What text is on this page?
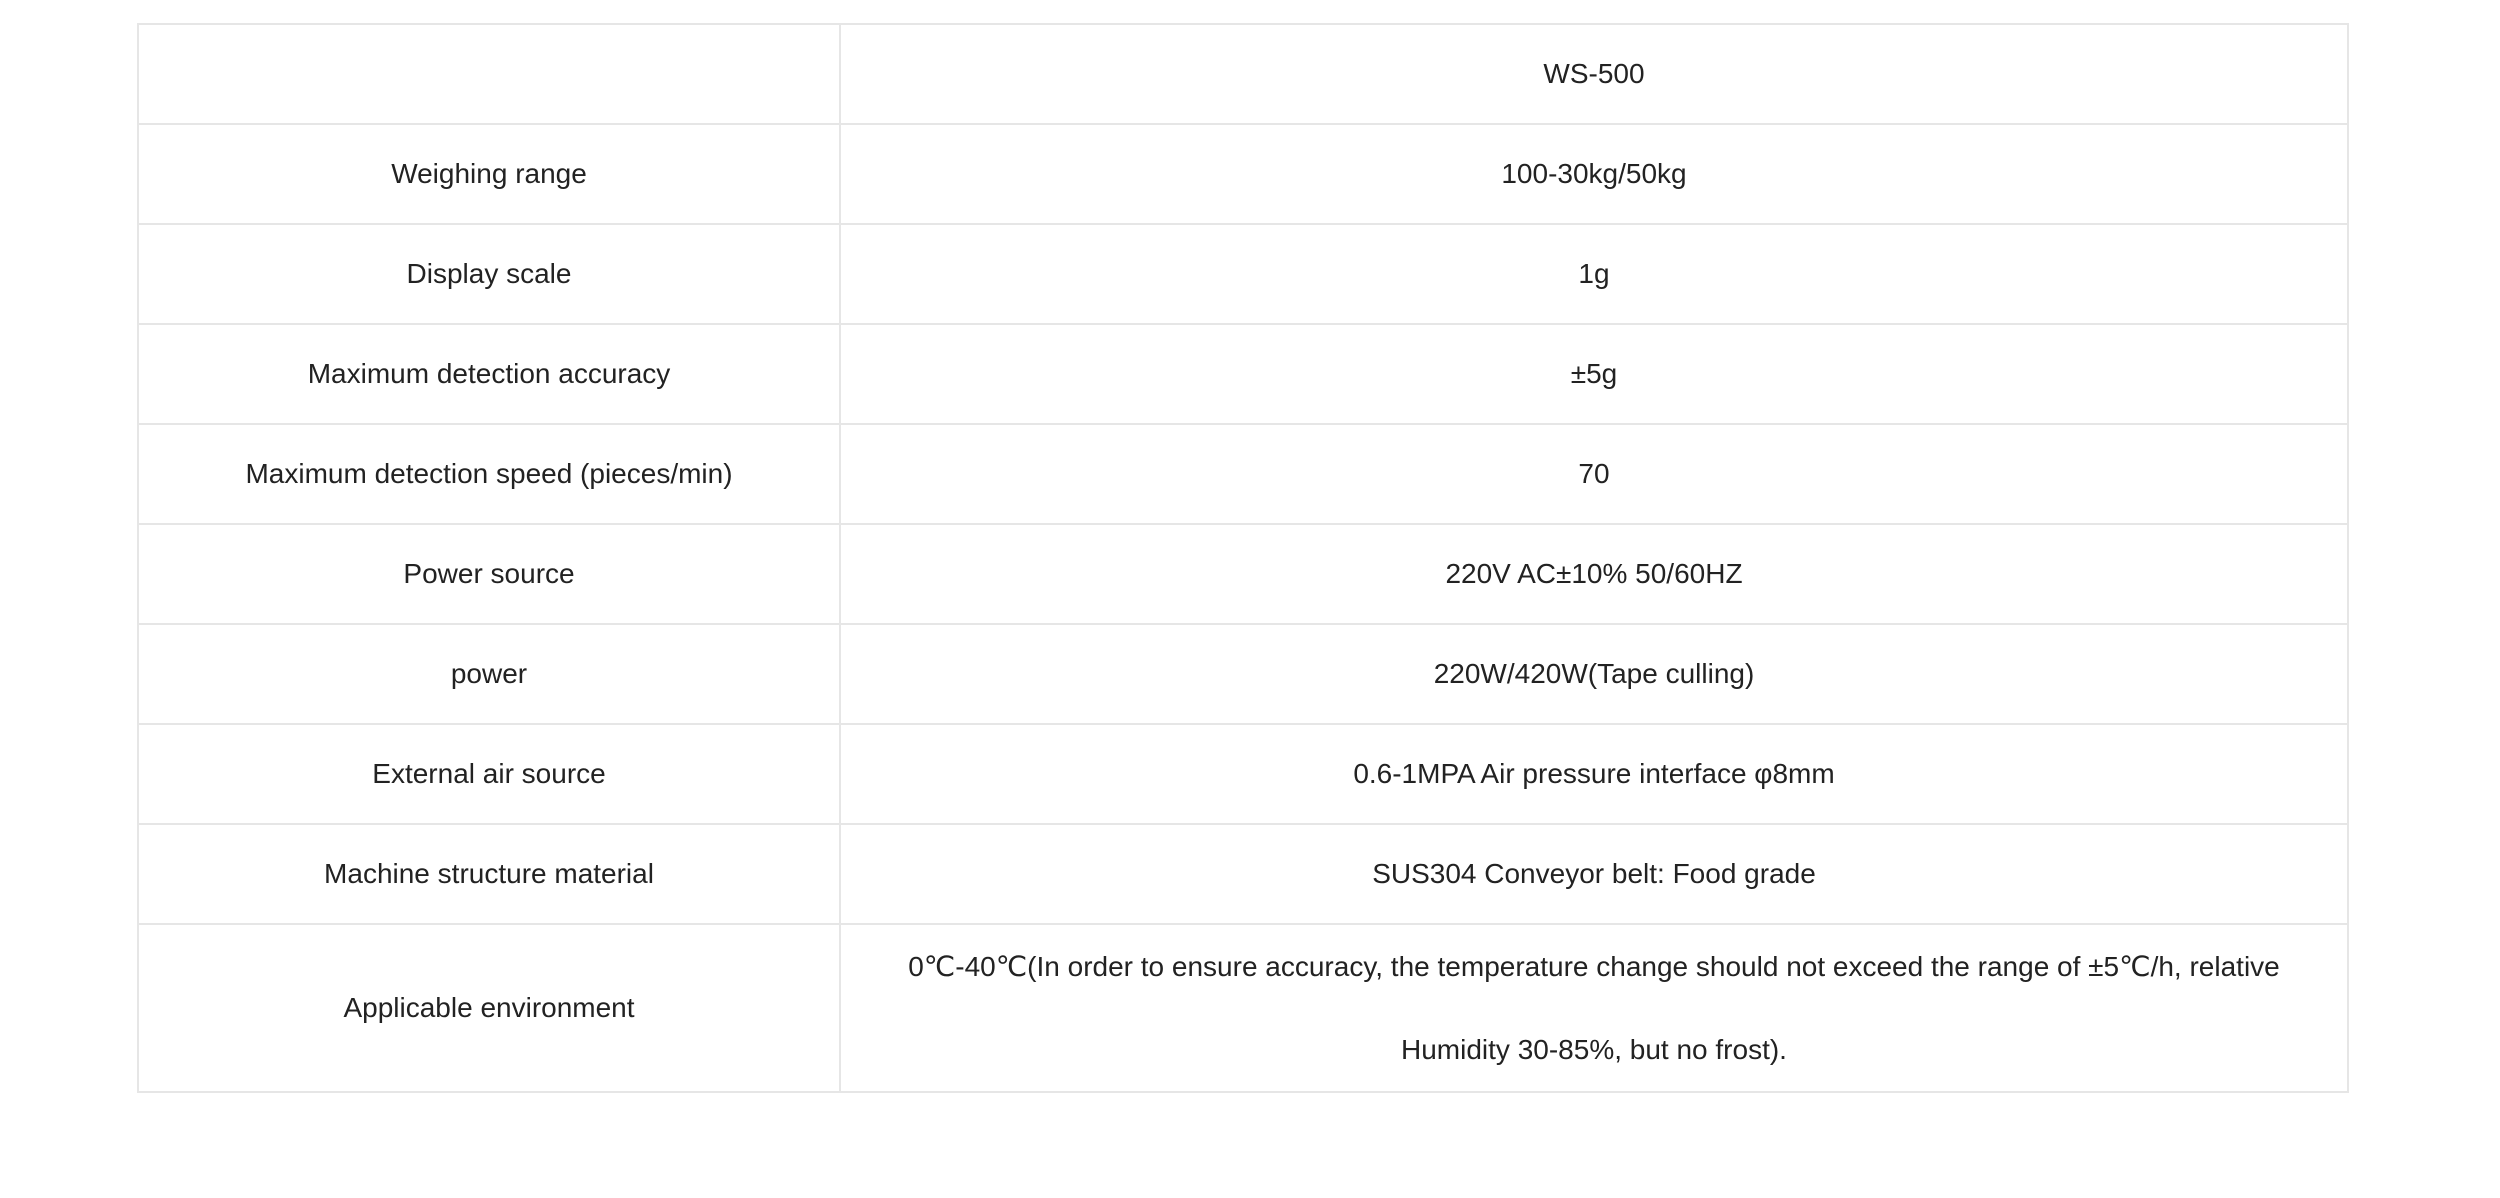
	WS-500
Weighing range	100-30kg/50kg
Display scale	1g
Maximum detection accuracy	±5g
Maximum detection speed (pieces/min)	70
Power source	220V AC±10% 50/60HZ
power	220W/420W(Tape culling)
External air source	0.6-1MPA Air pressure interface φ8mm
Machine structure material	SUS304 Conveyor belt: Food grade
Applicable environment	0℃-40℃(In order to ensure accuracy, the temperature change should not exceed the range of ±5℃/h, relative Humidity 30-85%, but no frost).
